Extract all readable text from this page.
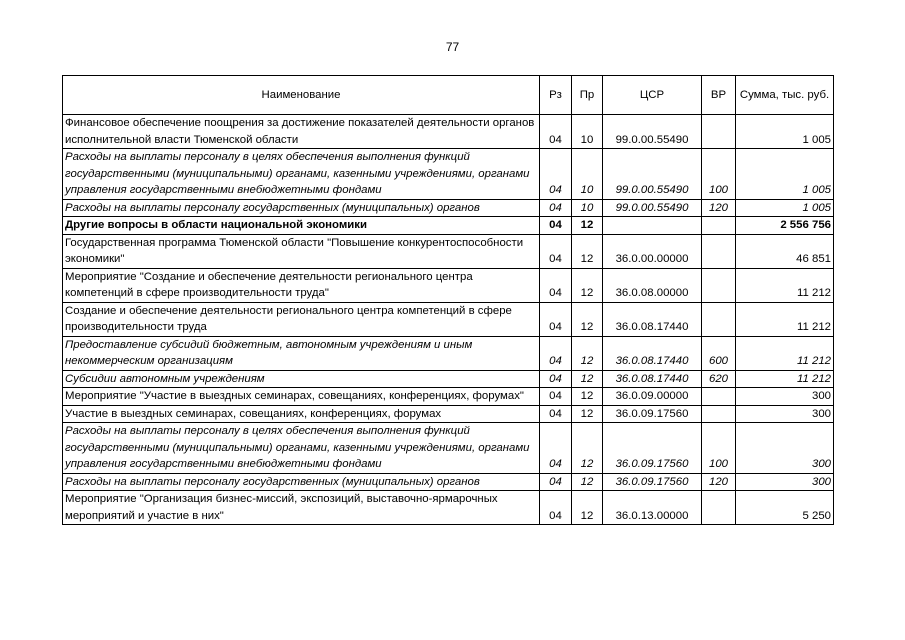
77
Наименование	Рз	Пр	ЦСР	ВР	Сумма, тыс. руб.
Финансовое обеспечение поощрения за достижение показателей деятельности органов исполнительной власти Тюменской области	04	10	99.0.00.55490		1 005
Расходы на выплаты персоналу в целях обеспечения выполнения функций государственными (муниципальными) органами, казенными учреждениями, органами управления государственными внебюджетными фондами	04	10	99.0.00.55490	100	1 005
Расходы на выплаты персоналу государственных (муниципальных) органов	04	10	99.0.00.55490	120	1 005
Другие вопросы в области национальной экономики	04	12			2 556 756
Государственная программа Тюменской области "Повышение конкурентоспособности экономики"	04	12	36.0.00.00000		46 851
Мероприятие "Создание и обеспечение деятельности регионального центра компетенций в сфере производительности труда"	04	12	36.0.08.00000		11 212
Создание и обеспечение деятельности регионального центра компетенций в сфере производительности труда	04	12	36.0.08.17440		11 212
Предоставление субсидий бюджетным, автономным учреждениям и иным некоммерческим организациям	04	12	36.0.08.17440	600	11 212
Субсидии автономным учреждениям	04	12	36.0.08.17440	620	11 212
Мероприятие "Участие в выездных семинарах, совещаниях, конференциях, форумах"	04	12	36.0.09.00000		300
Участие в выездных семинарах, совещаниях, конференциях, форумах	04	12	36.0.09.17560		300
Расходы на выплаты персоналу в целях обеспечения выполнения функций государственными (муниципальными) органами, казенными учреждениями, органами управления государственными внебюджетными фондами	04	12	36.0.09.17560	100	300
Расходы на выплаты персоналу государственных (муниципальных) органов	04	12	36.0.09.17560	120	300
Мероприятие "Организация бизнес-миссий, экспозиций, выставочно-ярмарочных мероприятий и участие в них"	04	12	36.0.13.00000		5 250
